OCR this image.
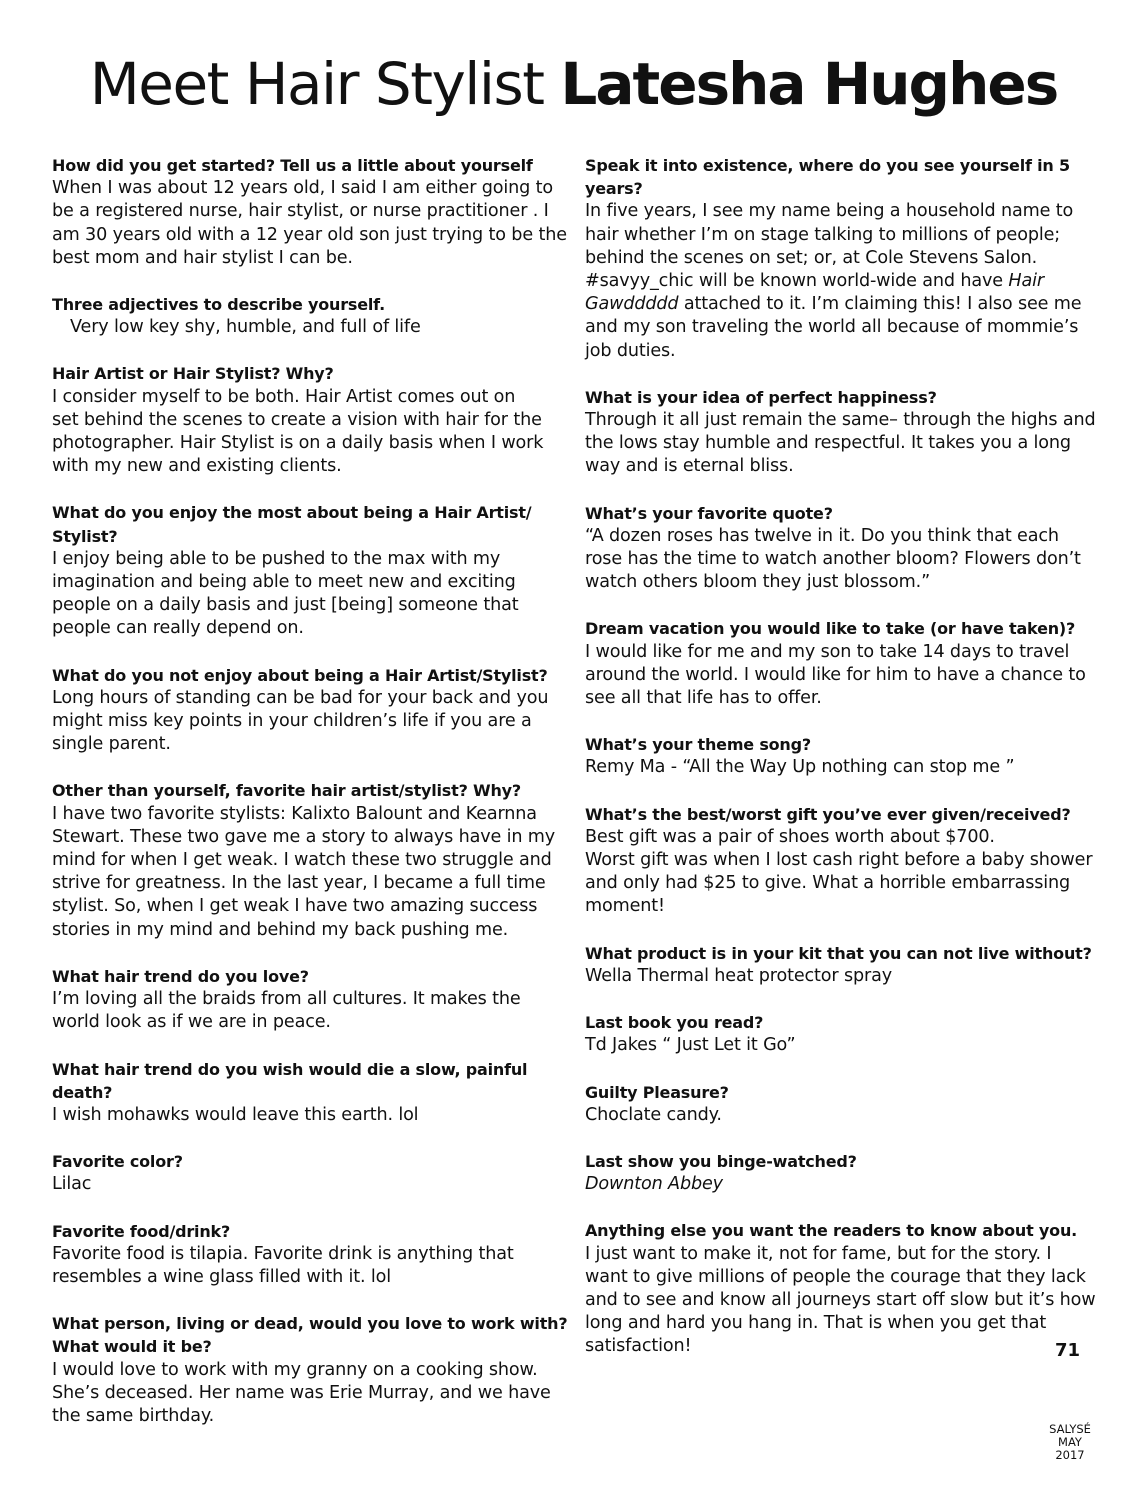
Meet Hair Stylist Latesha Hughes
How did you get started? Tell us a little about yourself
When I was about 12 years old, I said I am either going to be a registered nurse, hair stylist, or nurse practitioner . I am 30 years old with a 12 year old son just trying to be the best mom and hair stylist I can be.
Three adjectives to describe yourself.
Very low key shy, humble, and full of life
Hair Artist or Hair Stylist? Why?
I consider myself to be both. Hair Artist comes out on
set behind the scenes to create a vision with hair for the photographer. Hair Stylist is on a daily basis when I work with my new and existing clients.
What do you enjoy the most about being a Hair Artist/ Stylist?
I enjoy being able to be pushed to the max with my imagination and being able to meet new and exciting people on a daily basis and just [being] someone that people can really depend on.
What do you not enjoy about being a Hair Artist/Stylist?
Long hours of standing can be bad for your back and you might miss key points in your children’s life if you are a single parent.
Other than yourself, favorite hair artist/stylist? Why?
I have two favorite stylists: Kalixto Balount and Kearnna Stewart. These two gave me a story to always have in my mind for when I get weak. I watch these two struggle and strive for greatness. In the last year, I became a full time stylist. So, when I get weak I have two amazing success stories in my mind and behind my back pushing me.
What hair trend do you love?
I’m loving all the braids from all cultures. It makes the world look as if we are in peace.
What hair trend do you wish would die a slow, painful death?
I wish mohawks would leave this earth. lol
Favorite color?
Lilac
Favorite food/drink?
Favorite food is tilapia. Favorite drink is anything that resembles a wine glass filled with it. lol
What person, living or dead, would you love to work with? What would it be?
I would love to work with my granny on a cooking show. She’s deceased. Her name was Erie Murray, and we have the same birthday.
Speak it into existence, where do you see yourself in 5 years?
In five years, I see my name being a household name to hair whether I’m on stage talking to millions of people; behind the scenes on set; or, at Cole Stevens Salon. #savyy_chic will be known world-wide and have Hair Gawddddd attached to it. I’m claiming this! I also see me and my son traveling the world all because of mommie’s job duties.
What is your idea of perfect happiness?
Through it all just remain the same– through the highs and the lows stay humble and respectful. It takes you a long way and is eternal bliss.
What’s your favorite quote?
“A dozen roses has twelve in it. Do you think that each rose has the time to watch another bloom? Flowers don’t watch others bloom they just blossom.”
Dream vacation you would like to take (or have taken)?
I would like for me and my son to take 14 days to travel around the world. I would like for him to have a chance to see all that life has to offer.
What’s your theme song?
Remy Ma - “All the Way Up nothing can stop me ”
What’s the best/worst gift you’ve ever given/received?
Best gift was a pair of shoes worth about $700.
Worst gift was when I lost cash right before a baby shower and only had $25 to give. What a horrible embarrassing moment!
What product is in your kit that you can not live without?
Wella Thermal heat protector spray
Last book you read?
Td Jakes “ Just Let it Go”
Guilty Pleasure?
Choclate candy.
Last show you binge-watched?
Downton Abbey
Anything else you want the readers to know about you.
I just want to make it, not for fame, but for the story. I want to give millions of people the courage that they lack and to see and know all journeys start off slow but it’s how long and hard you hang in. That is when you get that satisfaction!	71
SALYSÉ
MAY
2017
